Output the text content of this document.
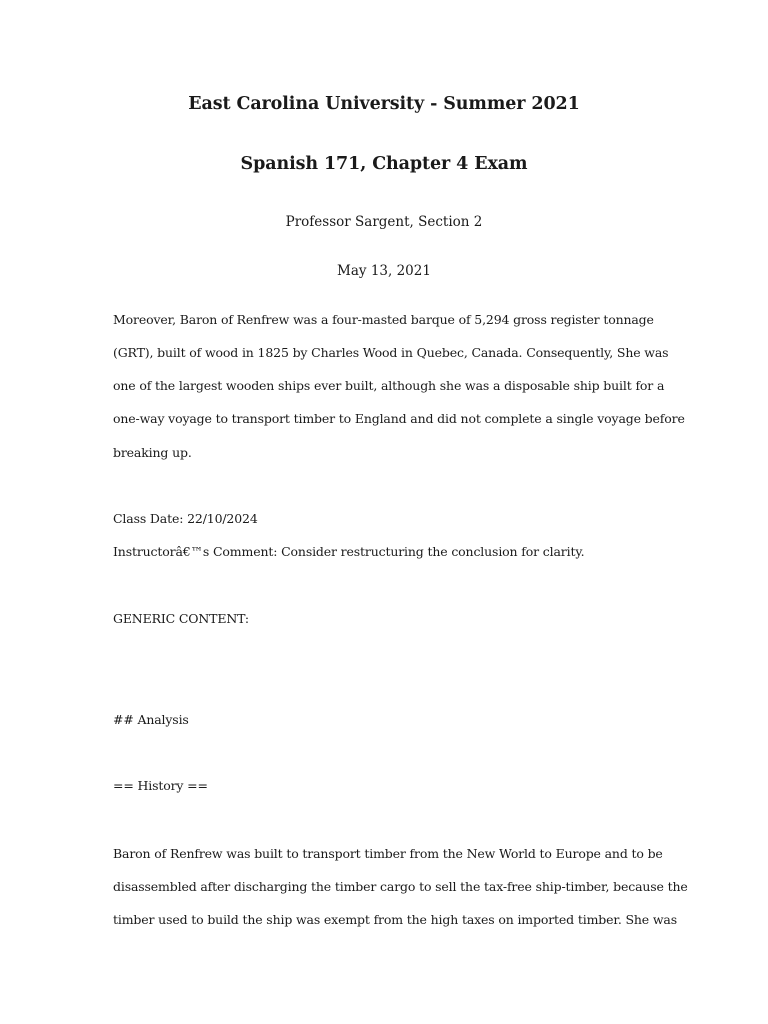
East Carolina University - Summer 2021

Spanish 171, Chapter 4 Exam

Professor Sargent, Section 2

May 13, 2021

Moreover, Baron of Renfrew was a four-masted barque of 5,294 gross register tonnage

(GRT), built of wood in 1825 by Charles Wood in Quebec, Canada. Consequently, She was

one of the largest wooden ships ever built, although she was a disposable ship built for a

one-way voyage to transport timber to England and did not complete a single voyage before

breaking up.

Class Date: 22/10/2024

Instructorâ€™s Comment: Consider restructuring the conclusion for clarity.

GENERIC CONTENT:

## Analysis

== History ==

Baron of Renfrew was built to transport timber from the New World to Europe and to be

disassembled after discharging the timber cargo to sell the tax-free ship-timber, because the

timber used to build the ship was exempt from the high taxes on imported timber. She was
